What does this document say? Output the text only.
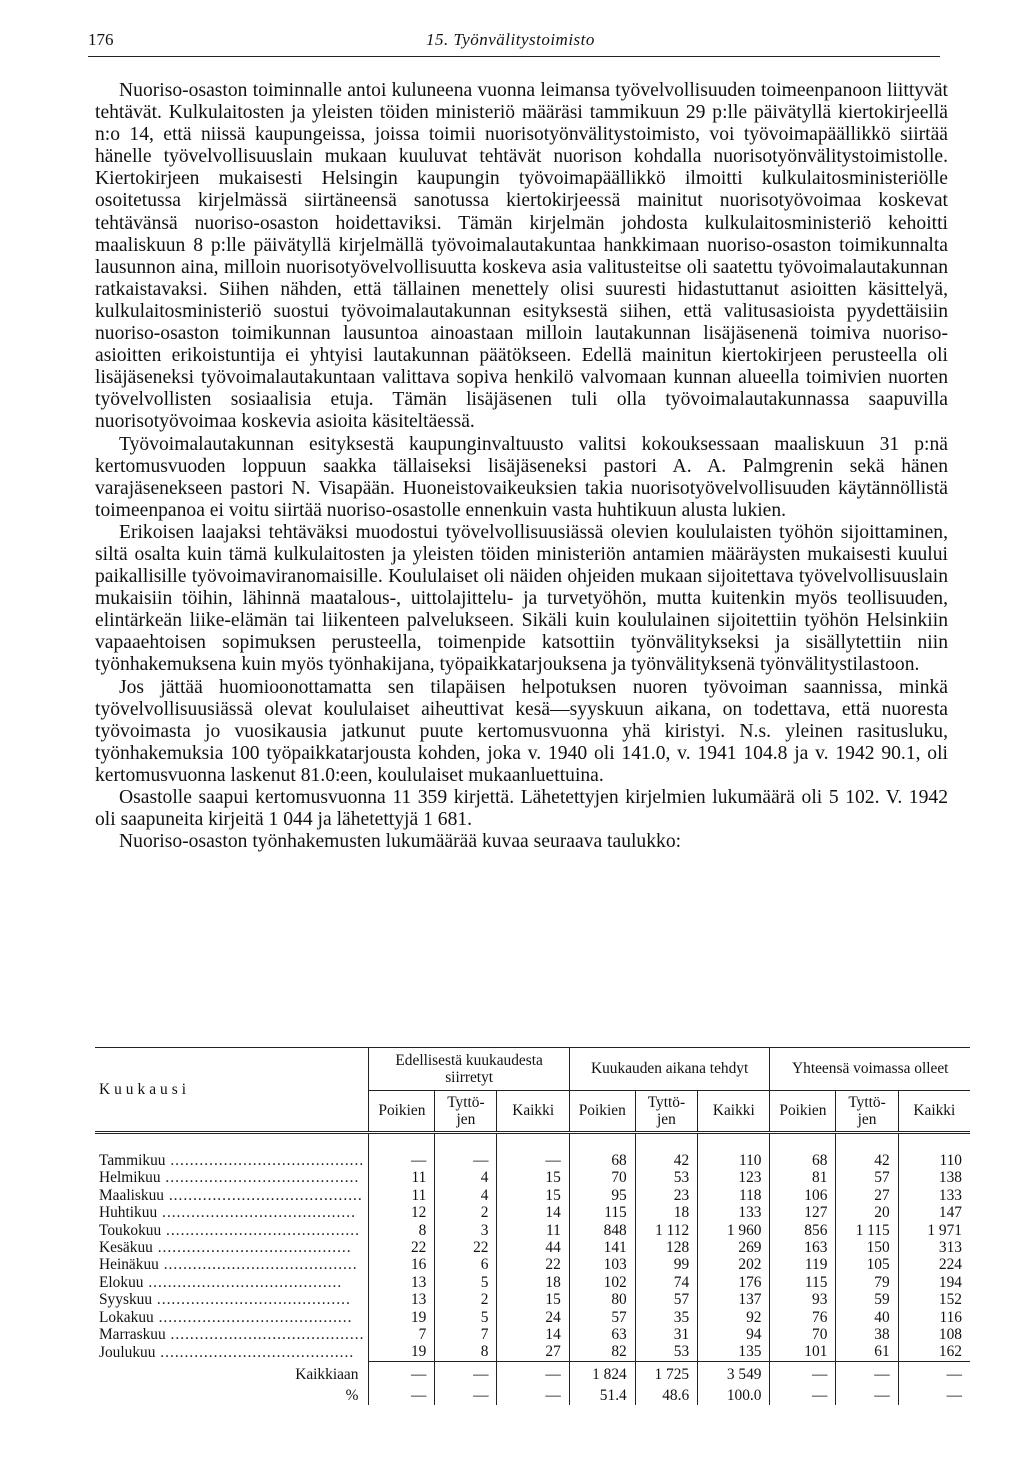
176	15. Työnvälitystoimisto

Nuoriso-osaston toiminnalle antoi kuluneena vuonna leimansa työvelvollisuuden toimeenpanoon liittyvät tehtävät. Kulkulaitosten ja yleisten töiden ministeriö määräsi tammikuun 29 p:lle päivätyllä kiertokirjeellä n:o 14, että niissä kaupungeissa, joissa toimii nuorisotyönvälitystoimisto, voi työvoimapäällikkö siirtää hänelle työvelvollisuuslain mukaan kuuluvat tehtävät nuorison kohdalla nuorisotyönvälitystoimistolle. Kiertokirjeen mukaisesti Helsingin kaupungin työvoimapäällikkö ilmoitti kulkulaitosministeriölle osoitetussa kirjelmässä siirtäneensä sanotussa kiertokirjeessä mainitut nuorisotyövoimaa koskevat tehtävänsä nuoriso-osaston hoidettaviksi. Tämän kirjelmän johdosta kulkulaitosministeriö kehoitti maaliskuun 8 p:lle päivätyllä kirjelmällä työvoimalautakuntaa hankkimaan nuoriso-osaston toimikunnalta lausunnon aina, milloin nuorisotyövelvollisuutta koskeva asia valitusteitse oli saatettu työvoimalautakunnan ratkaistavaksi. Siihen nähden, että tällainen menettely olisi suuresti hidastuttanut asioitten käsittelyä, kulkulaitosministeriö suostui työvoimalautakunnan esityksestä siihen, että valitusasioista pyydettäisiin nuoriso-osaston toimikunnan lausuntoa ainoastaan milloin lautakunnan lisäjäsenenä toimiva nuoriso-asioitten erikoistuntija ei yhtyisi lautakunnan päätökseen. Edellä mainitun kiertokirjeen perusteella oli lisäjäseneksi työvoimalautakuntaan valittava sopiva henkilö valvomaan kunnan alueella toimivien nuorten työvelvollisten sosiaalisia etuja. Tämän lisäjäsenen tuli olla työvoimalautakunnassa saapuvilla nuorisotyövoimaa koskevia asioita käsiteltäessä.

Työvoimalautakunnan esityksestä kaupunginvaltuusto valitsi kokouksessaan maaliskuun 31 p:nä kertomusvuoden loppuun saakka tällaiseksi lisäjäseneksi pastori A. A. Palmgrenin sekä hänen varajäsenekseen pastori N. Visapään. Huoneistovaikeuksien takia nuorisotyövelvollisuuden käytännöllistä toimeenpanoa ei voitu siirtää nuoriso-osastolle ennenkuin vasta huhtikuun alusta lukien.

Erikoisen laajaksi tehtäväksi muodostui työvelvollisuusiässä olevien koululaisten työhön sijoittaminen, siltä osalta kuin tämä kulkulaitosten ja yleisten töiden ministeriön antamien määräysten mukaisesti kuului paikallisille työvoimaviranomaisille. Koululaiset oli näiden ohjeiden mukaan sijoitettava työvelvollisuuslain mukaisiin töihin, lähinnä maatalous-, uittolajittelu- ja turvetyöhön, mutta kuitenkin myös teollisuuden, elintärkeän liike-elämän tai liikenteen palvelukseen. Sikäli kuin koululainen sijoitettiin työhön Helsinkiin vapaaehtoisen sopimuksen perusteella, toimenpide katsottiin työnvälitykseksi ja sisällytettiin niin työnhakemuksena kuin myös työnhakijana, työpaikkatarjouksena ja työnvälityksenä työnvälitystilastoon.

Jos jättää huomioonottamatta sen tilapäisen helpotuksen nuoren työvoiman saannissa, minkä työvelvollisuusiässä olevat koululaiset aiheuttivat kesä—syyskuun aikana, on todettava, että nuoresta työvoimasta jo vuosikausia jatkunut puute kertomusvuonna yhä kiristyi. N.s. yleinen rasitusluku, työnhakemuksia 100 työpaikkatarjousta kohden, joka v. 1940 oli 141.0, v. 1941 104.8 ja v. 1942 90.1, oli kertomusvuonna laskenut 81.0:een, koululaiset mukaanluettuina.

Osastolle saapui kertomusvuonna 11 359 kirjettä. Lähetettyjen kirjelmien lukumäärä oli 5 102. V. 1942 oli saapuneita kirjeitä 1 044 ja lähetettyjä 1 681.

Nuoriso-osaston työnhakemusten lukumäärää kuvaa seuraava taulukko:

Kuukausi	Edellisestä kuukaudesta siirretyt			Kuukauden aikana tehdyt			Yhteensä voimassa olleet		
	Poikien	Tyttö-jen	Kaikki	Poikien	Tyttö-jen	Kaikki	Poikien	Tyttö-jen	Kaikki

Tammikuu ........................................	—	—	—	68	42	110	68	42	110
Helmikuu ........................................	11	4	15	70	53	123	81	57	138
Maaliskuu ........................................	11	4	15	95	23	118	106	27	133
Huhtikuu ........................................	12	2	14	115	18	133	127	20	147
Toukokuu ........................................	8	3	11	848	1 112	1 960	856	1 115	1 971
Kesäkuu ........................................	22	22	44	141	128	269	163	150	313
Heinäkuu ........................................	16	6	22	103	99	202	119	105	224
Elokuu ........................................	13	5	18	102	74	176	115	79	194
Syyskuu ........................................	13	2	15	80	57	137	93	59	152
Lokakuu ........................................	19	5	24	57	35	92	76	40	116
Marraskuu ........................................	7	7	14	63	31	94	70	38	108
Joulukuu ........................................	19	8	27	82	53	135	101	61	162
Kaikkiaan	—	—	—	1 824	1 725	3 549	—	—	—
%	—	—	—	51.4	48.6	100.0	—	—	—
